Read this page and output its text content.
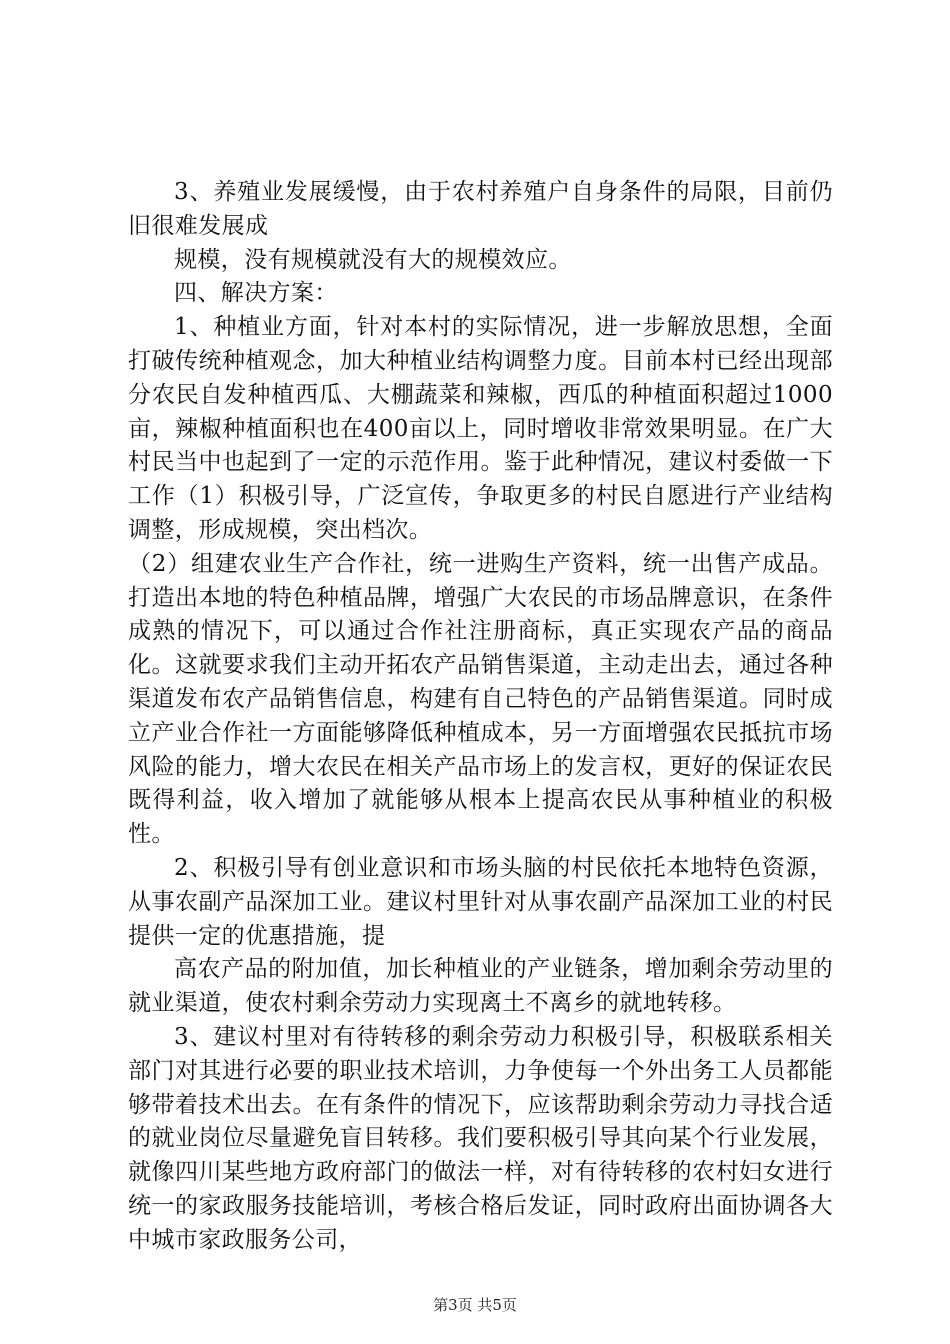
3、养殖业发展缓慢，由于农村养殖户自身条件的局限，目前仍旧很难发展成

规模，没有规模就没有大的规模效应。

四、解决方案：

1、种植业方面，针对本村的实际情况，进一步解放思想，全面打破传统种植观念，加大种植业结构调整力度。目前本村已经出现部分农民自发种植西瓜、大棚蔬菜和辣椒，西瓜的种植面积超过1000亩，辣椒种植面积也在400亩以上，同时增收非常效果明显。在广大村民当中也起到了一定的示范作用。鉴于此种情况，建议村委做一下工作（1）积极引导，广泛宣传，争取更多的村民自愿进行产业结构调整，形成规模，突出档次。

（2）组建农业生产合作社，统一进购生产资料，统一出售产成品。打造出本地的特色种植品牌，增强广大农民的市场品牌意识，在条件成熟的情况下，可以通过合作社注册商标，真正实现农产品的商品化。这就要求我们主动开拓农产品销售渠道，主动走出去，通过各种渠道发布农产品销售信息，构建有自己特色的产品销售渠道。同时成立产业合作社一方面能够降低种植成本，另一方面增强农民抵抗市场风险的能力，增大农民在相关产品市场上的发言权，更好的保证农民既得利益，收入增加了就能够从根本上提高农民从事种植业的积极性。

2、积极引导有创业意识和市场头脑的村民依托本地特色资源，从事农副产品深加工业。建议村里针对从事农副产品深加工业的村民提供一定的优惠措施，提

高农产品的附加值，加长种植业的产业链条，增加剩余劳动里的就业渠道，使农村剩余劳动力实现离土不离乡的就地转移。

3、建议村里对有待转移的剩余劳动力积极引导，积极联系相关部门对其进行必要的职业技术培训，力争使每一个外出务工人员都能够带着技术出去。在有条件的情况下，应该帮助剩余劳动力寻找合适的就业岗位尽量避免盲目转移。我们要积极引导其向某个行业发展，就像四川某些地方政府部门的做法一样，对有待转移的农村妇女进行统一的家政服务技能培训，考核合格后发证，同时政府出面协调各大中城市家政服务公司，

第3页 共5页
